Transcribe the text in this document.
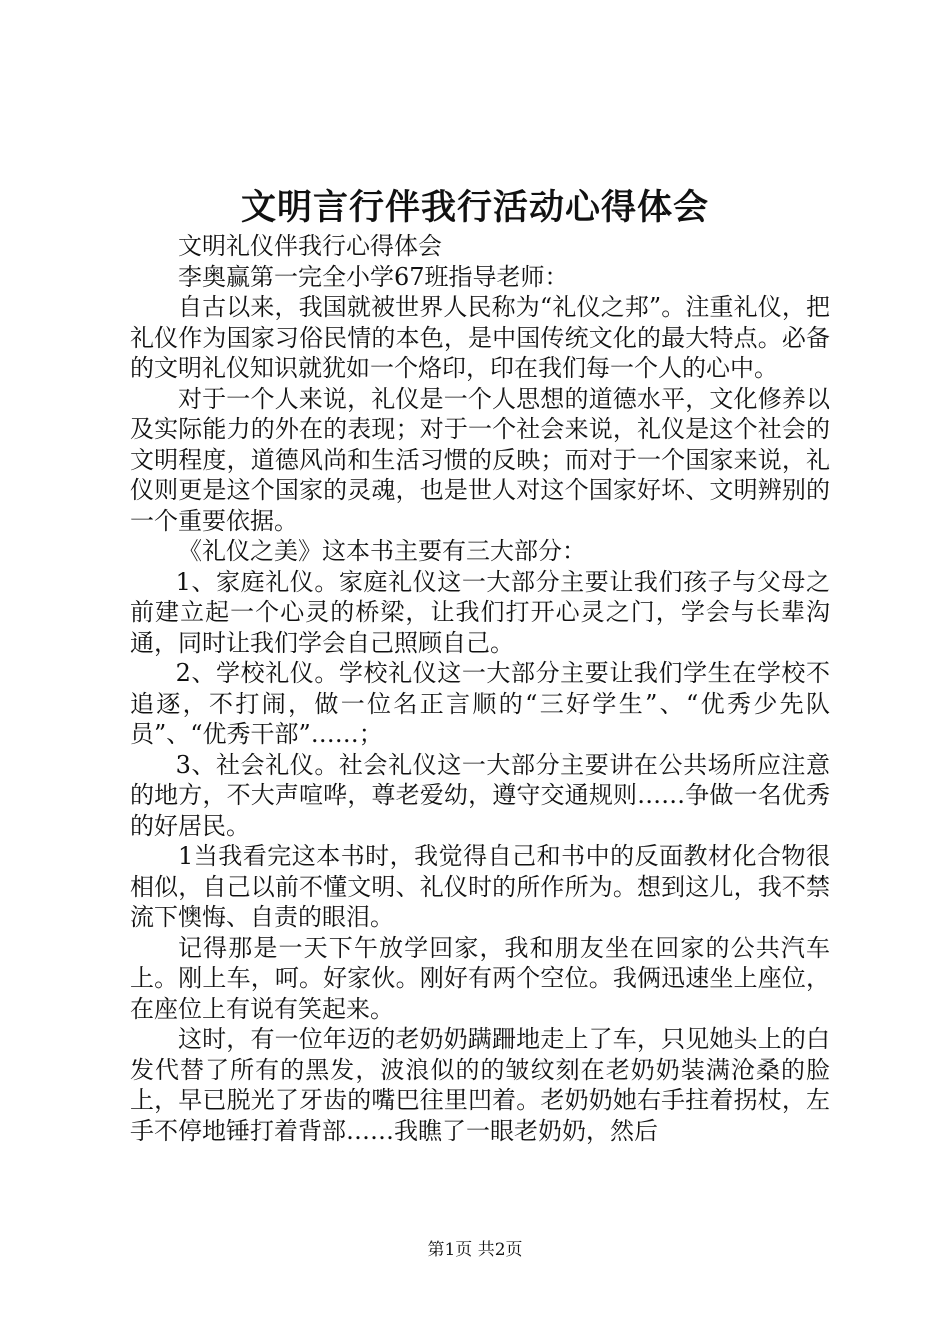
文明言行伴我行活动心得体会

文明礼仪伴我行心得体会

李奥赢第一完全小学67班指导老师：

自古以来，我国就被世界人民称为“礼仪之邦”。注重礼仪，把礼仪作为国家习俗民情的本色，是中国传统文化的最大特点。必备的文明礼仪知识就犹如一个烙印，印在我们每一个人的心中。

对于一个人来说，礼仪是一个人思想的道德水平，文化修养以及实际能力的外在的表现；对于一个社会来说，礼仪是这个社会的文明程度，道德风尚和生活习惯的反映；而对于一个国家来说，礼仪则更是这个国家的灵魂，也是世人对这个国家好坏、文明辨别的一个重要依据。

《礼仪之美》这本书主要有三大部分：

1、家庭礼仪。家庭礼仪这一大部分主要让我们孩子与父母之前建立起一个心灵的桥梁，让我们打开心灵之门，学会与长辈沟通，同时让我们学会自己照顾自己。

2、学校礼仪。学校礼仪这一大部分主要让我们学生在学校不追逐，不打闹，做一位名正言顺的“三好学生”、“优秀少先队员”、“优秀干部”……；

3、社会礼仪。社会礼仪这一大部分主要讲在公共场所应注意的地方，不大声喧哗，尊老爱幼，遵守交通规则……争做一名优秀的好居民。

1当我看完这本书时，我觉得自己和书中的反面教材化合物很相似，自己以前不懂文明、礼仪时的所作所为。想到这儿，我不禁流下懊悔、自责的眼泪。

记得那是一天下午放学回家，我和朋友坐在回家的公共汽车上。刚上车，呵。好家伙。刚好有两个空位。我俩迅速坐上座位，在座位上有说有笑起来。

这时，有一位年迈的老奶奶蹒跚地走上了车，只见她头上的白发代替了所有的黑发，波浪似的的皱纹刻在老奶奶装满沧桑的脸上，早已脱光了牙齿的嘴巴往里凹着。老奶奶她右手拄着拐杖，左手不停地锤打着背部……我瞧了一眼老奶奶，然后

第1页 共2页
